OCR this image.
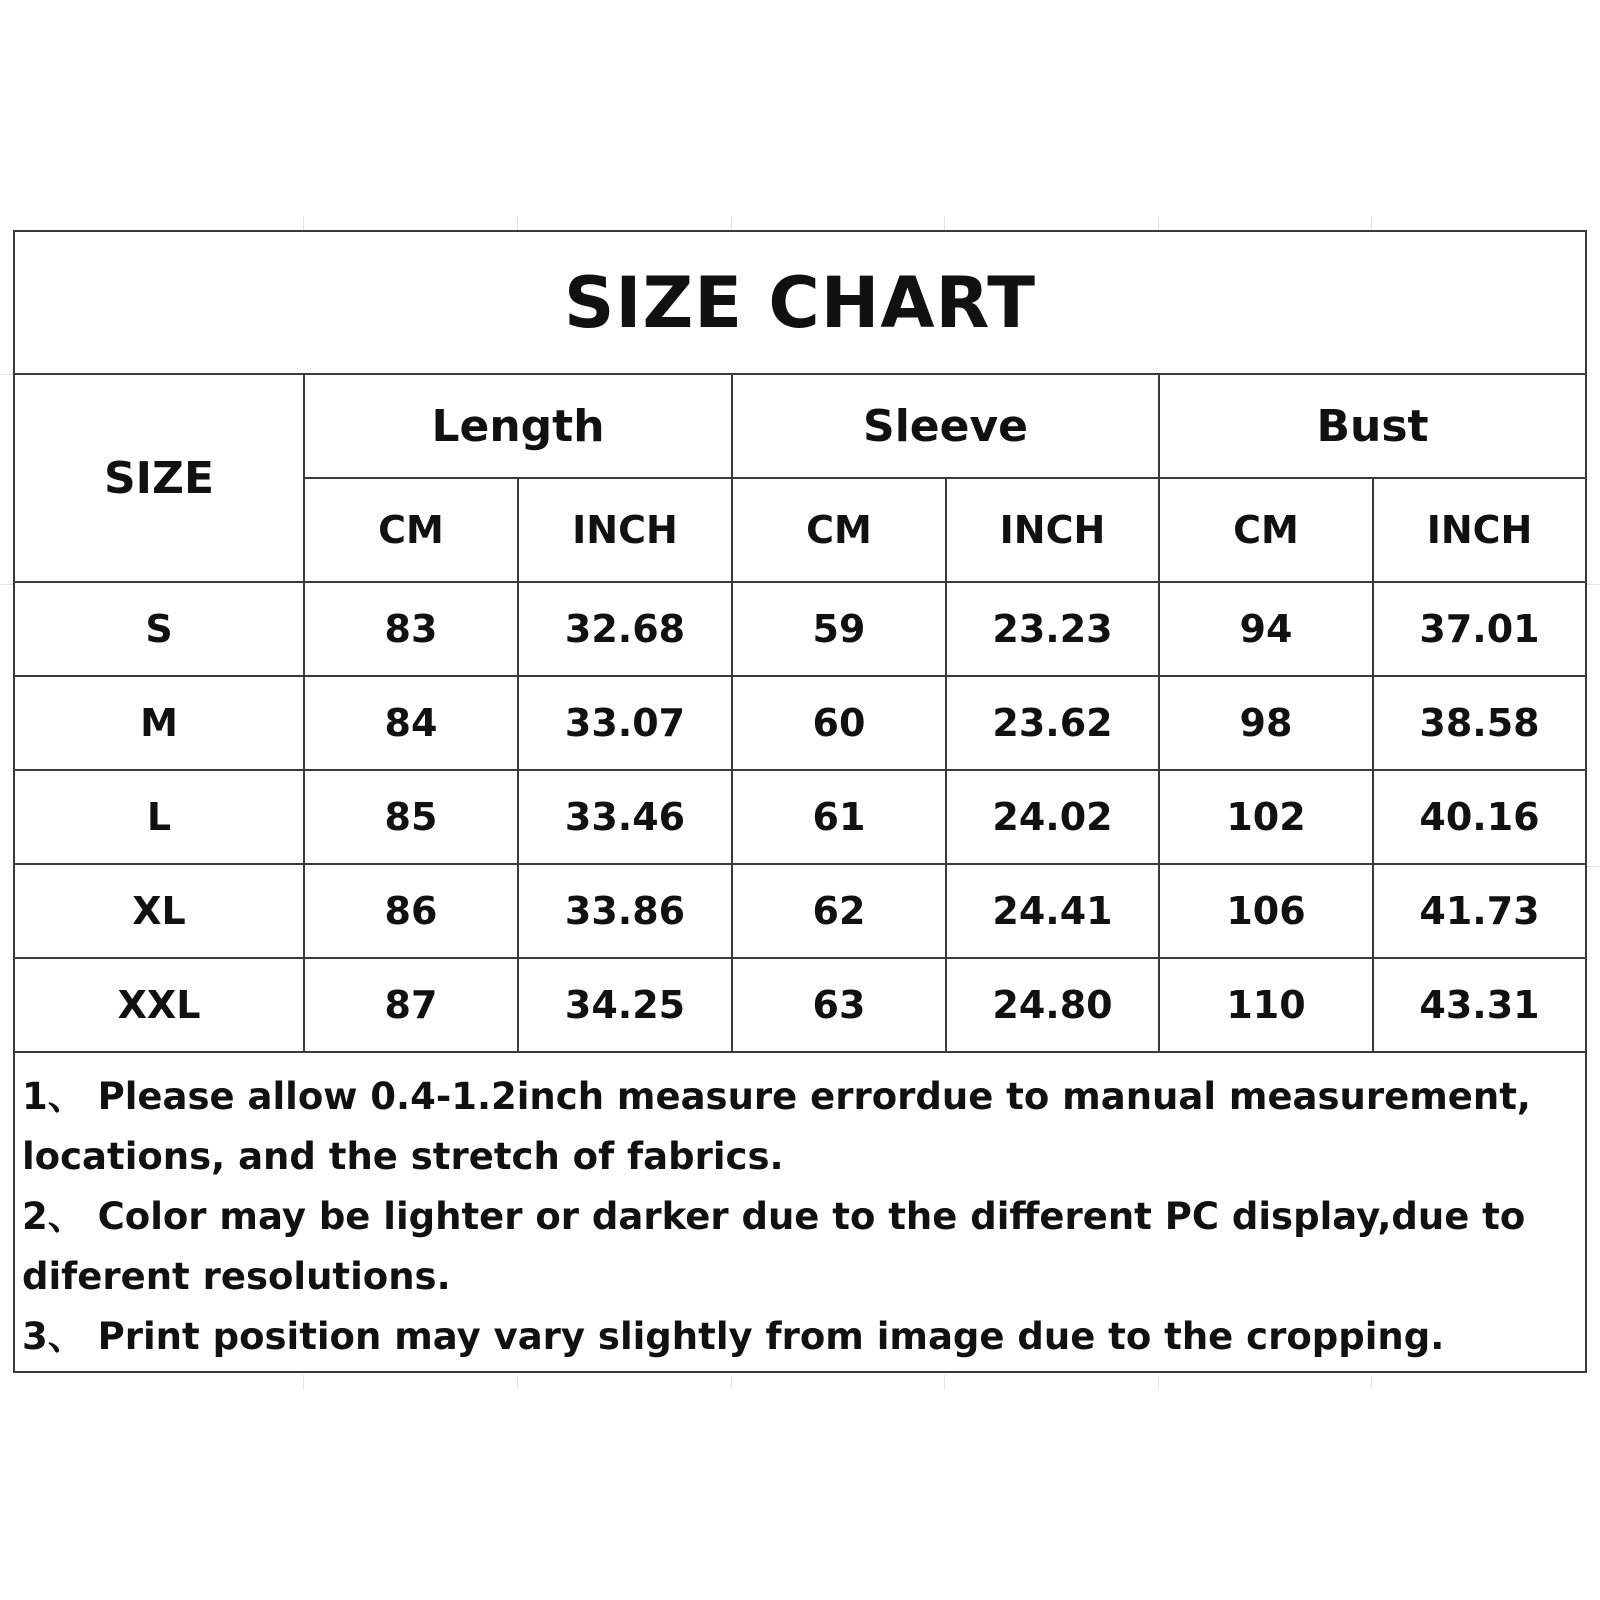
SIZE CHART						
SIZE	Length		Sleeve		Bust	
	CM	INCH	CM	INCH	CM	INCH
S	83	32.68	59	23.23	94	37.01
M	84	33.07	60	23.62	98	38.58
L	85	33.46	61	24.02	102	40.16
XL	86	33.86	62	24.41	106	41.73
XXL	87	34.25	63	24.80	110	43.31

1、 Please allow 0.4-1.2inch measure errordue to manual measurement, locations, and the stretch of fabrics.
2、 Color may be lighter or darker due to the different PC display,due to diferent resolutions.
3、 Print position may vary slightly from image due to the cropping.						
